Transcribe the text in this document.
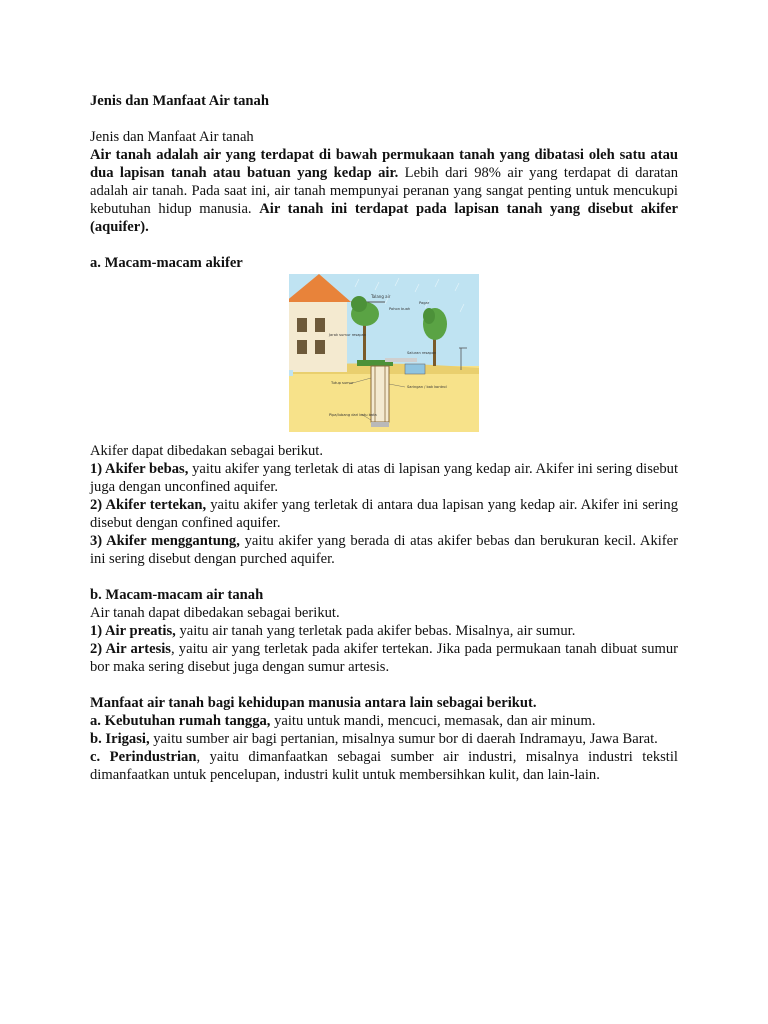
Jenis dan Manfaat Air tanah

Jenis dan Manfaat Air tanah

Air tanah adalah air yang terdapat di bawah permukaan tanah yang dibatasi oleh satu atau dua lapisan tanah atau batuan yang kedap air. Lebih dari 98% air yang terdapat di daratan adalah air tanah. Pada saat ini, air tanah mempunyai peranan yang sangat penting untuk mencukupi kebutuhan hidup manusia. Air tanah ini terdapat pada lapisan tanah yang disebut akifer (aquifer).

a. Macam-macam akifer

Talang air
Pohon buah
Pagar
Jarak sumur resapan
Saluran resapan
Tutup sumur
Saringan / bak kontrol
Pipa/lubang dari batu bata

Akifer dapat dibedakan sebagai berikut.

1) Akifer bebas, yaitu akifer yang terletak di atas di lapisan yang kedap air. Akifer ini sering disebut juga dengan unconfined aquifer.

2) Akifer tertekan, yaitu akifer yang terletak di antara dua lapisan yang kedap air. Akifer ini sering disebut dengan confined aquifer.

3) Akifer menggantung, yaitu akifer yang berada di atas akifer bebas dan berukuran kecil. Akifer ini sering disebut dengan purched aquifer.

b. Macam-macam air tanah

Air tanah dapat dibedakan sebagai berikut.

1) Air preatis, yaitu air tanah yang terletak pada akifer bebas. Misalnya, air sumur.

2) Air artesis, yaitu air yang terletak pada akifer tertekan. Jika pada permukaan tanah dibuat sumur bor maka sering disebut juga dengan sumur artesis.

Manfaat air tanah bagi kehidupan manusia antara lain sebagai berikut.

a. Kebutuhan rumah tangga, yaitu untuk mandi, mencuci, memasak, dan air minum.

b. Irigasi, yaitu sumber air bagi pertanian, misalnya sumur bor di daerah Indramayu, Jawa Barat.

c. Perindustrian, yaitu dimanfaatkan sebagai sumber air industri, misalnya industri tekstil dimanfaatkan untuk pencelupan, industri kulit untuk membersihkan kulit, dan lain-lain.
